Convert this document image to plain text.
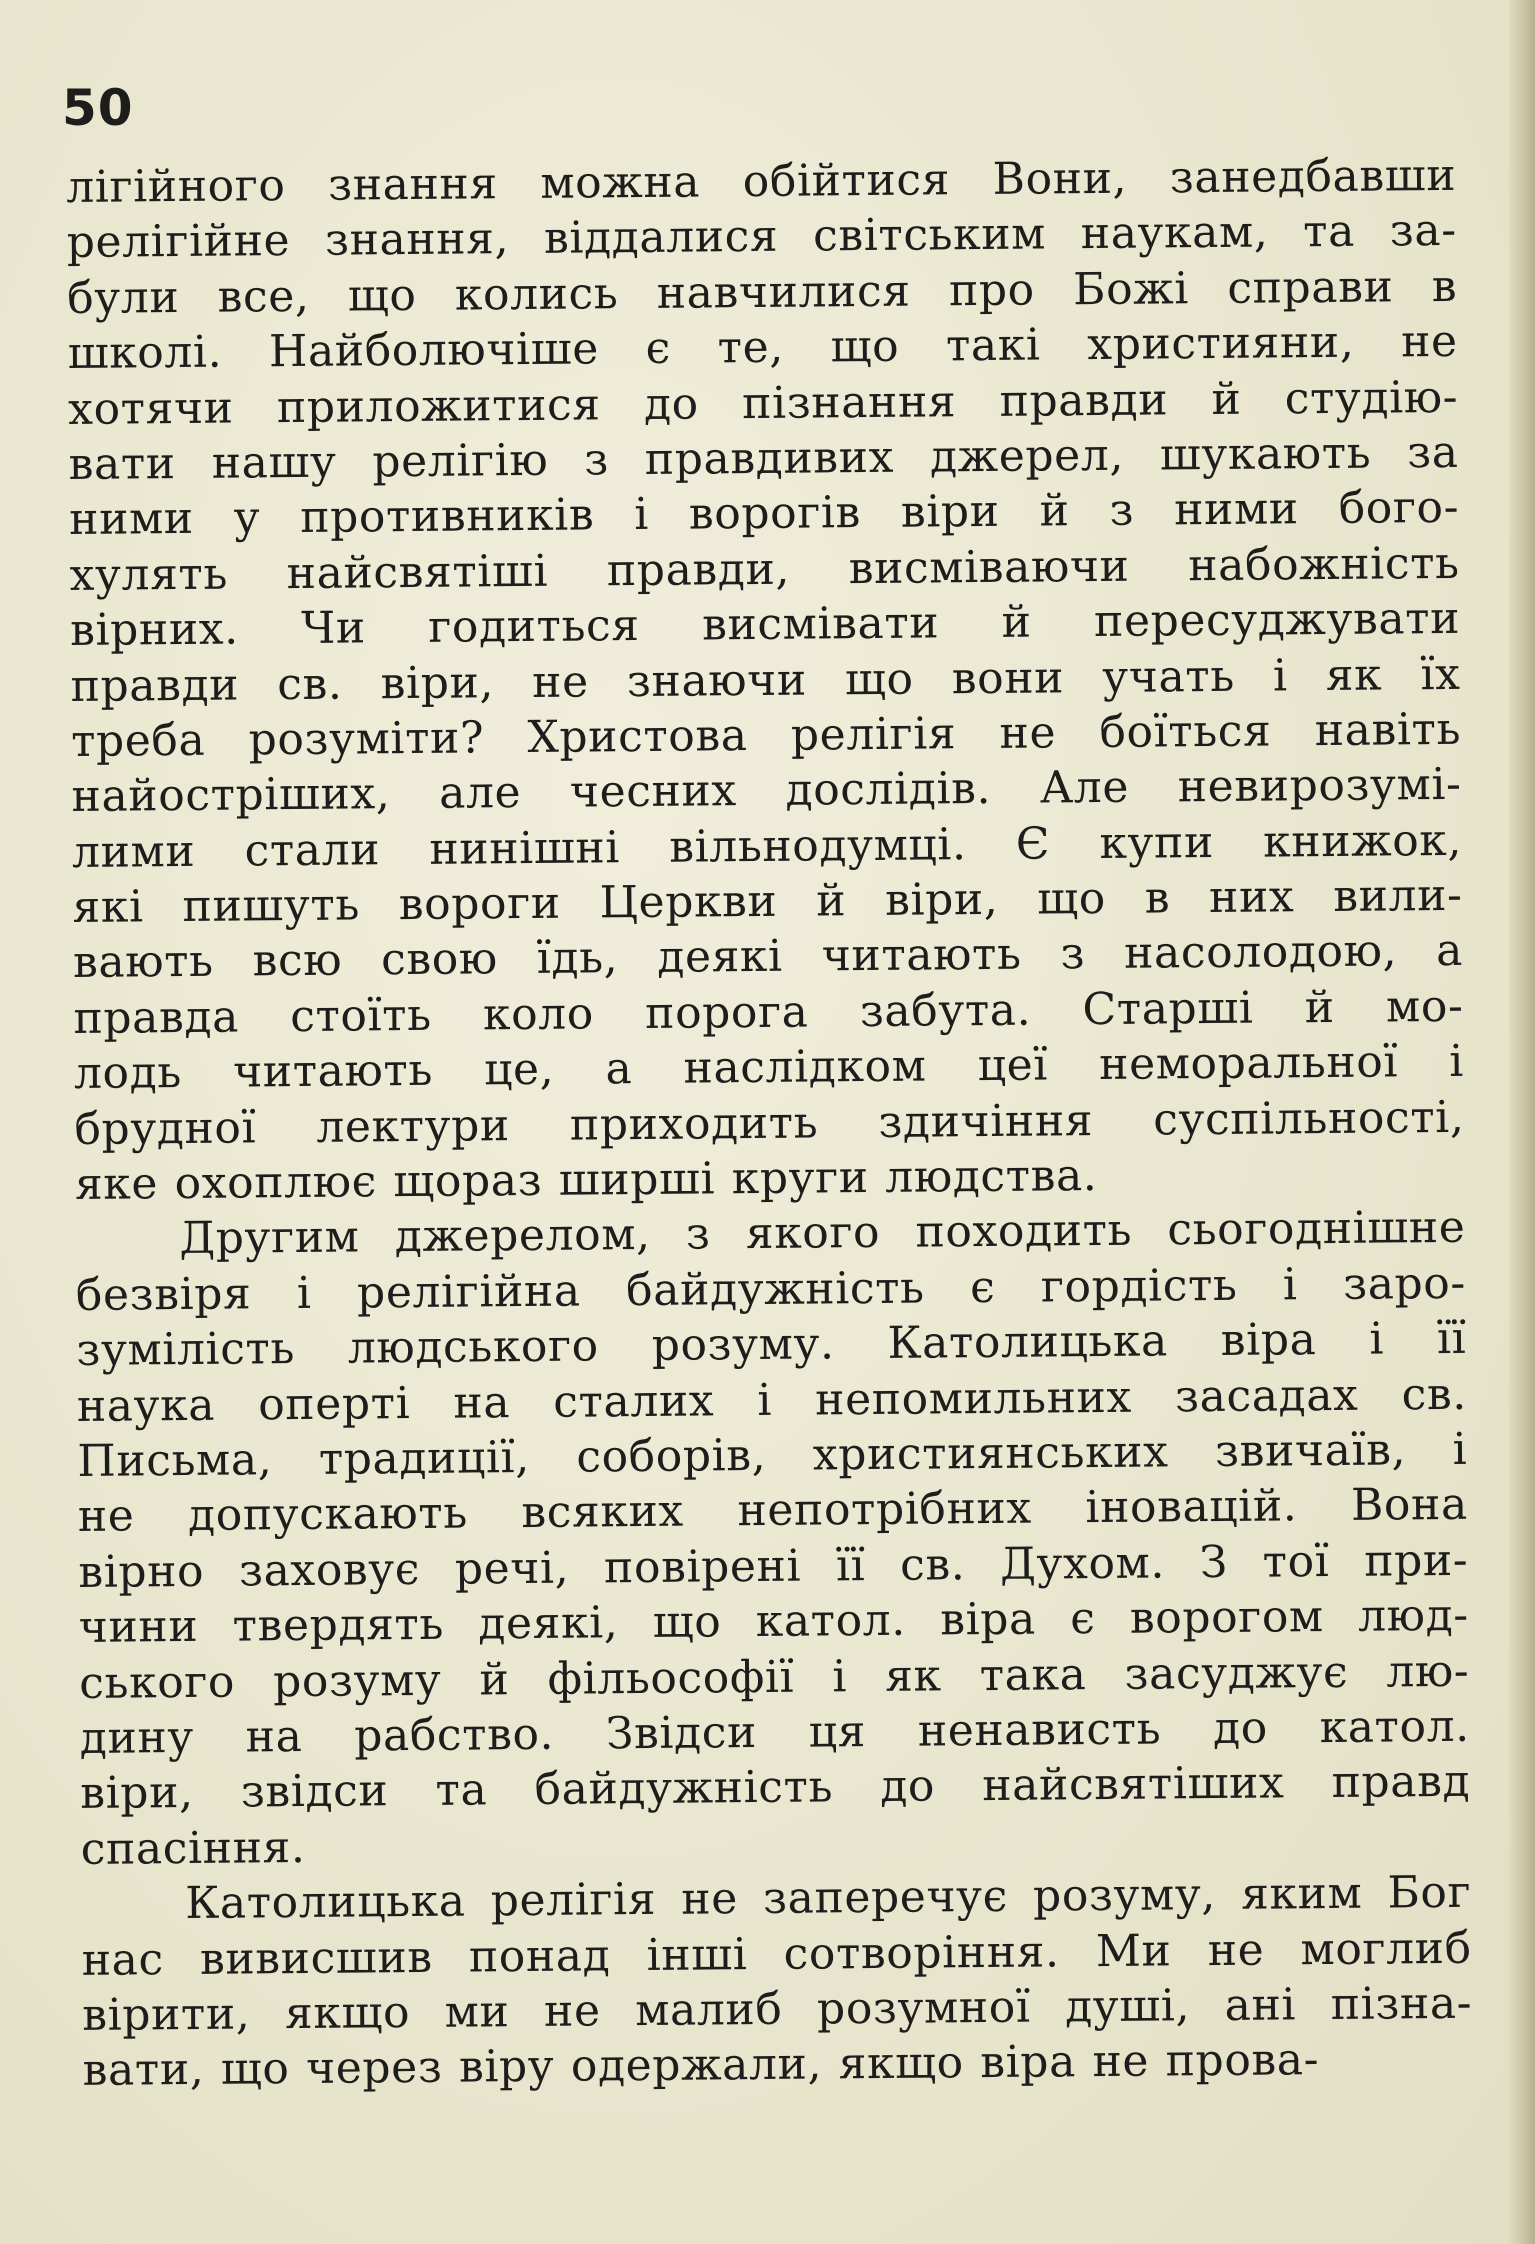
50
лігійного знання можна обійтися Вони, занедбавши
релігійне знання, віддалися світським наукам, та за-
були все, що колись навчилися про Божі справи в
школі. Найболючіше є те, що такі християни, не
хотячи приложитися до пізнання правди й студію-
вати нашу релігію з правдивих джерел, шукають за
ними у противників і ворогів віри й з ними бого-
хулять найсвятіші правди, висміваючи набожність
вірних. Чи годиться висмівати й пересуджувати
правди св. віри, не знаючи що вони учать і як їх
треба розуміти? Христова релігія не боїться навіть
найостріших, але чесних дослідів. Але невирозумі-
лими стали нинішні вільнодумці. Є купи книжок,
які пишуть вороги Церкви й віри, що в них вили-
вають всю свою їдь, деякі читають з насолодою, а
правда стоїть коло порога забута. Старші й мо-
лодь читають це, а наслідком цеї неморальної і
брудної лектури приходить здичіння суспільності,
яке охоплює щораз ширші круги людства.
Другим джерелом, з якого походить сьогоднішне
безвіря і релігійна байдужність є гордість і заро-
зумілість людського розуму. Католицька віра і її
наука оперті на сталих і непомильних засадах св.
Письма, традиції, соборів, християнських звичаїв, і
не допускають всяких непотрібних іновацій. Вона
вірно заховує речі, повірені її св. Духом. З тої при-
чини твердять деякі, що катол. віра є ворогом люд-
ського розуму й фільософії і як така засуджує лю-
дину на рабство. Звідси ця ненависть до катол.
віри, звідси та байдужність до найсвятіших правд
спасіння.
Католицька релігія не заперечує розуму, яким Бог
нас вивисшив понад інші сотворіння. Ми не моглиб
вірити, якщо ми не малиб розумної душі, ані пізна-
вати, що через віру одержали, якщо віра не прова-
